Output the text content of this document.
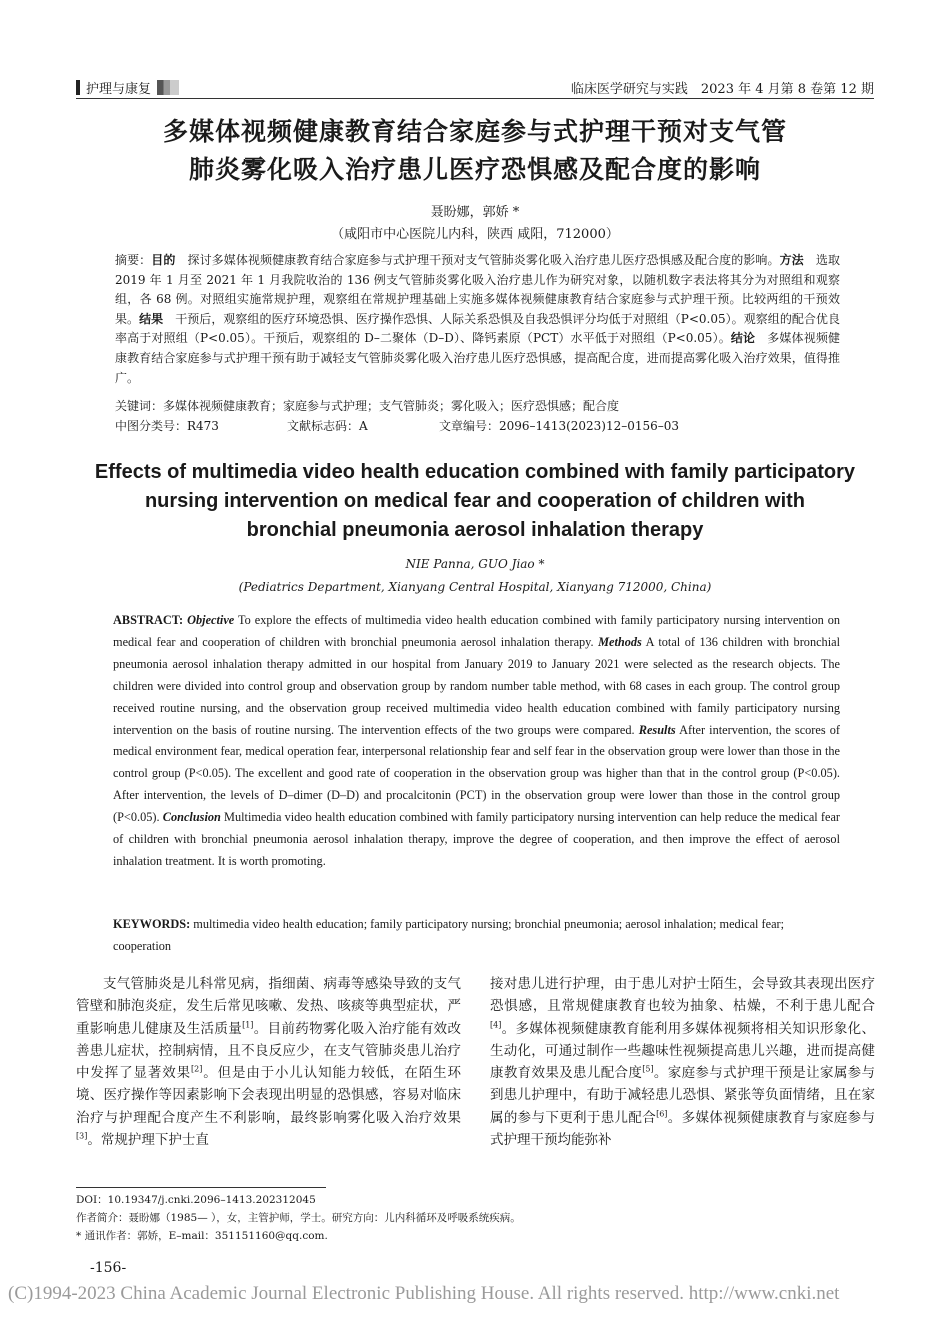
护理与康复	临床医学研究与实践　2023 年 4 月第 8 卷第 12 期
多媒体视频健康教育结合家庭参与式护理干预对支气管
肺炎雾化吸入治疗患儿医疗恐惧感及配合度的影响
聂盼娜，郭娇 *
（咸阳市中心医院儿内科，陕西 咸阳，712000）
摘要：目的　 探讨多媒体视频健康教育结合家庭参与式护理干预对支气管肺炎雾化吸入治疗患儿医疗恐惧感及配合度的影响。方法　 选取 2019 年 1 月至 2021 年 1 月我院收治的 136 例支气管肺炎雾化吸入治疗患儿作为研究对象，以随机数字表法将其分为对照组和观察组，各 68 例。对照组实施常规护理，观察组在常规护理基础上实施多媒体视频健康教育结合家庭参与式护理干预。比较两组的干预效果。结果　 干预后，观察组的医疗环境恐惧、医疗操作恐惧、人际关系恐惧及自我恐惧评分均低于对照组（P<0.05）。观察组的配合优良率高于对照组（P<0.05）。干预后，观察组的 D–二聚体（D–D）、降钙素原（PCT）水平低于对照组（P<0.05）。结论　 多媒体视频健康教育结合家庭参与式护理干预有助于减轻支气管肺炎雾化吸入治疗患儿医疗恐惧感，提高配合度，进而提高雾化吸入治疗效果，值得推广。
关键词：多媒体视频健康教育；家庭参与式护理；支气管肺炎；雾化吸入；医疗恐惧感；配合度
中图分类号：R473	文献标志码：A	文章编号：2096–1413(2023)12–0156–03
Effects of multimedia video health education combined with family participatory
nursing intervention on medical fear and cooperation of children with
bronchial pneumonia aerosol inhalation therapy
NIE Panna, GUO Jiao *
(Pediatrics Department, Xianyang Central Hospital, Xianyang 712000, China)
ABSTRACT: Objective To explore the effects of multimedia video health education combined with family participatory nursing intervention on medical fear and cooperation of children with bronchial pneumonia aerosol inhalation therapy. Methods A total of 136 children with bronchial pneumonia aerosol inhalation therapy admitted in our hospital from January 2019 to January 2021 were selected as the research objects. The children were divided into control group and observation group by random number table method, with 68 cases in each group. The control group received routine nursing, and the observation group received multimedia video health education combined with family participatory nursing intervention on the basis of routine nursing. The intervention effects of the two groups were compared. Results After intervention, the scores of medical environment fear, medical operation fear, interpersonal relationship fear and self fear in the observation group were lower than those in the control group (P<0.05). The excellent and good rate of cooperation in the observation group was higher than that in the control group (P<0.05). After intervention, the levels of D–dimer (D–D) and procalcitonin (PCT) in the observation group were lower than those in the control group (P<0.05). Conclusion Multimedia video health education combined with family participatory nursing intervention can help reduce the medical fear of children with bronchial pneumonia aerosol inhalation therapy, improve the degree of cooperation, and then improve the effect of aerosol inhalation treatment. It is worth promoting.
KEYWORDS: multimedia video health education; family participatory nursing; bronchial pneumonia; aerosol inhalation; medical fear; cooperation
支气管肺炎是儿科常见病，指细菌、病毒等感染导致的支气管壁和肺泡炎症，发生后常见咳嗽、发热、咳痰等典型症状，严重影响患儿健康及生活质量[1]。目前药物雾化吸入治疗能有效改善患儿症状，控制病情，且不良反应少，在支气管肺炎患儿治疗中发挥了显著效果[2]。但是由于小儿认知能力较低，在陌生环境、医疗操作等因素影响下会表现出明显的恐惧感，容易对临床治疗与护理配合度产生不利影响，最终影响雾化吸入治疗效果[3]。常规护理下护士直
接对患儿进行护理，由于患儿对护士陌生，会导致其表现出医疗恐惧感，且常规健康教育也较为抽象、枯燥，不利于患儿配合[4]。多媒体视频健康教育能利用多媒体视频将相关知识形象化、生动化，可通过制作一些趣味性视频提高患儿兴趣，进而提高健康教育效果及患儿配合度[5]。家庭参与式护理干预是让家属参与到患儿护理中，有助于减轻患儿恐惧、紧张等负面情绪，且在家属的参与下更利于患儿配合[6]。多媒体视频健康教育与家庭参与式护理干预均能弥补
DOI：10.19347/j.cnki.2096–1413.202312045
作者简介：聂盼娜（1985— ），女，主管护师，学士。研究方向：儿内科循环及呼吸系统疾病。
* 通讯作者：郭娇，E–mail：351151160@qq.com.
-156-
(C)1994-2023 China Academic Journal Electronic Publishing House. All rights reserved. http://www.cnki.net
